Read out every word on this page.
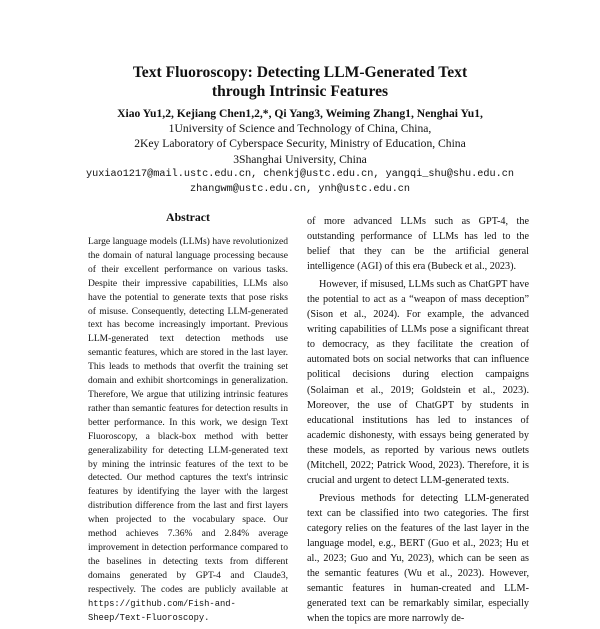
Text Fluoroscopy: Detecting LLM-Generated Text
through Intrinsic Features
Xiao Yu1,2, Kejiang Chen1,2,*, Qi Yang3, Weiming Zhang1, Nenghai Yu1,
1University of Science and Technology of China, China,
2Key Laboratory of Cyberspace Security, Ministry of Education, China
3Shanghai University, China
yuxiao1217@mail.ustc.edu.cn, chenkj@ustc.edu.cn, yangqi_shu@shu.edu.cn
zhangwm@ustc.edu.cn, ynh@ustc.edu.cn
Abstract
Large language models (LLMs) have revolutionized the domain of natural language processing because of their excellent performance on various tasks. Despite their impressive capabilities, LLMs also have the potential to generate texts that pose risks of misuse. Consequently, detecting LLM-generated text has become increasingly important. Previous LLM-generated text detection methods use semantic features, which are stored in the last layer. This leads to methods that overfit the training set domain and exhibit shortcomings in generalization. Therefore, We argue that utilizing intrinsic features rather than semantic features for detection results in better performance. In this work, we design Text Fluoroscopy, a black-box method with better generalizability for detecting LLM-generated text by mining the intrinsic features of the text to be detected. Our method captures the text's intrinsic features by identifying the layer with the largest distribution difference from the last and first layers when projected to the vocabulary space. Our method achieves 7.36% and 2.84% average improvement in detection performance compared to the baselines in detecting texts from different domains generated by GPT-4 and Claude3, respectively. The codes are publicly available at https://github.com/Fish-and-Sheep/Text-Fluoroscopy.

of more advanced LLMs such as GPT-4, the outstanding performance of LLMs has led to the belief that they can be the artificial general intelligence (AGI) of this era (Bubeck et al., 2023).

However, if misused, LLMs such as ChatGPT have the potential to act as a “weapon of mass deception” (Sison et al., 2024). For example, the advanced writing capabilities of LLMs pose a significant threat to democracy, as they facilitate the creation of automated bots on social networks that can influence political decisions during election campaigns (Solaiman et al., 2019; Goldstein et al., 2023). Moreover, the use of ChatGPT by students in educational institutions has led to instances of academic dishonesty, with essays being generated by these models, as reported by various news outlets (Mitchell, 2022; Patrick Wood, 2023). Therefore, it is crucial and urgent to detect LLM-generated texts.

Previous methods for detecting LLM-generated text can be classified into two categories. The first category relies on the features of the last layer in the language model, e.g., BERT (Guo et al., 2023; Hu et al., 2023; Guo and Yu, 2023), which can be seen as the semantic features (Wu et al., 2023). However, semantic features in human-created and LLM-generated text can be remarkably similar, especially when the topics are more narrowly de-
